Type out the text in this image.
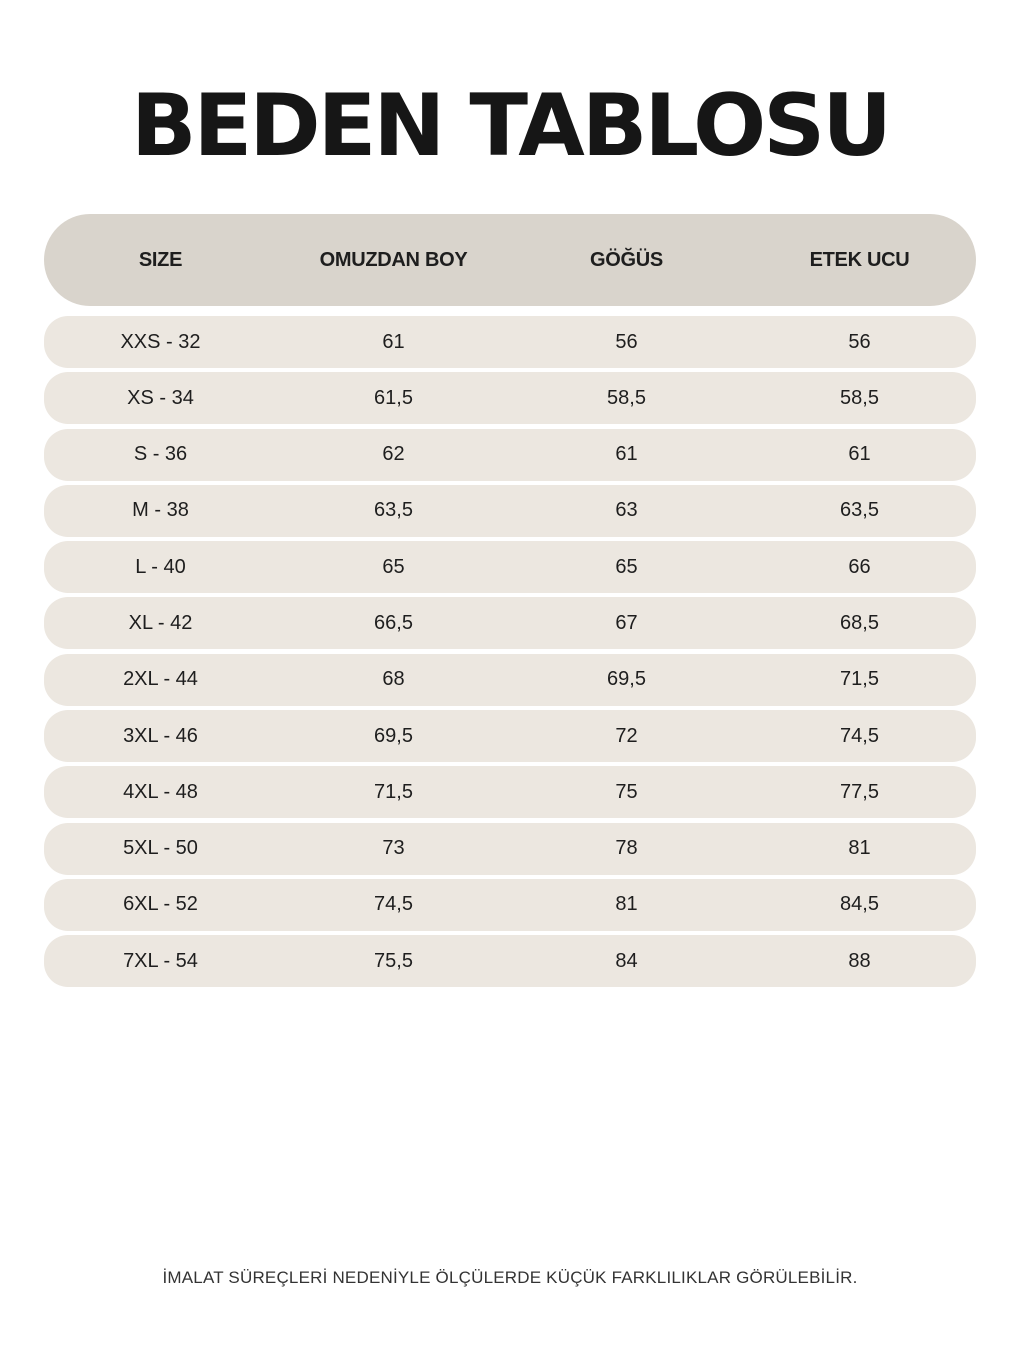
BEDEN TABLOSU
SIZE	OMUZDAN BOY	GÖĞÜS	ETEK UCU
XXS - 32	61	56	56
XS - 34	61,5	58,5	58,5
S - 36	62	61	61
M - 38	63,5	63	63,5
L - 40	65	65	66
XL - 42	66,5	67	68,5
2XL - 44	68	69,5	71,5
3XL - 46	69,5	72	74,5
4XL - 48	71,5	75	77,5
5XL - 50	73	78	81
6XL - 52	74,5	81	84,5
7XL - 54	75,5	84	88
İMALAT SÜREÇLERİ NEDENİYLE ÖLÇÜLERDE KÜÇÜK FARKLILIKLAR GÖRÜLEBİLİR.
